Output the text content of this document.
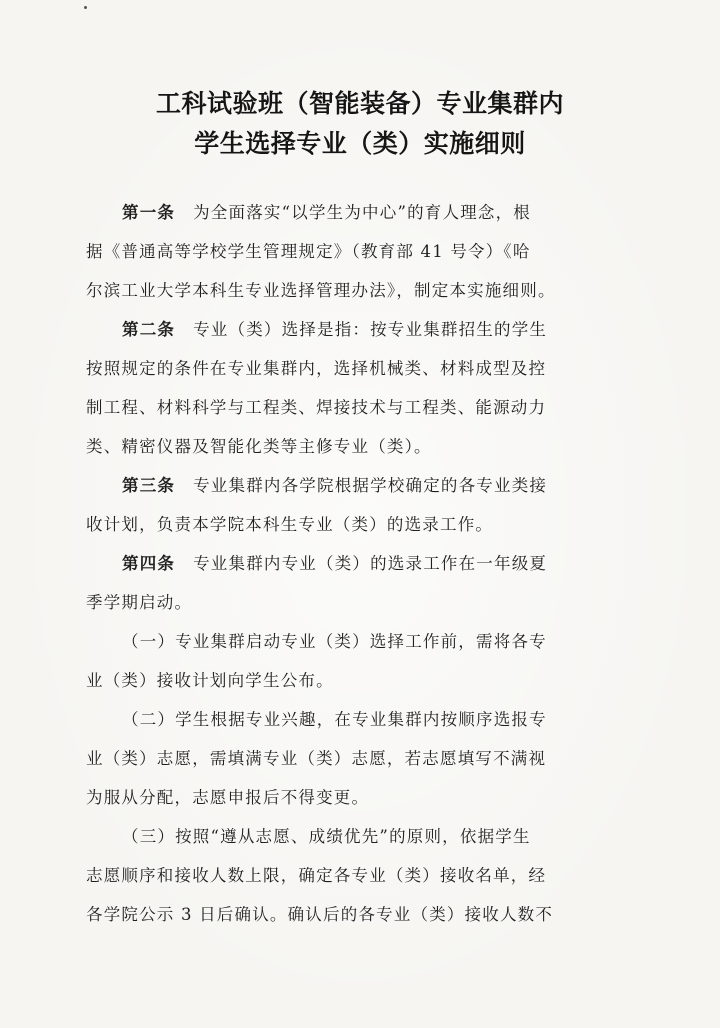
工科试验班（智能装备）专业集群内
学生选择专业（类）实施细则
第一条 为全面落实“以学生为中心”的育人理念，根
据《普通高等学校学生管理规定》（教育部 41 号令）《哈
尔滨工业大学本科生专业选择管理办法》，制定本实施细则。
第二条 专业（类）选择是指：按专业集群招生的学生
按照规定的条件在专业集群内，选择机械类、材料成型及控
制工程、材料科学与工程类、焊接技术与工程类、能源动力
类、精密仪器及智能化类等主修专业（类）。
第三条 专业集群内各学院根据学校确定的各专业类接
收计划，负责本学院本科生专业（类）的选录工作。
第四条 专业集群内专业（类）的选录工作在一年级夏
季学期启动。
（一）专业集群启动专业（类）选择工作前，需将各专
业（类）接收计划向学生公布。
（二）学生根据专业兴趣，在专业集群内按顺序选报专
业（类）志愿，需填满专业（类）志愿，若志愿填写不满视
为服从分配，志愿申报后不得变更。
（三）按照“遵从志愿、成绩优先”的原则，依据学生
志愿顺序和接收人数上限，确定各专业（类）接收名单，经
各学院公示 3 日后确认。确认后的各专业（类）接收人数不
